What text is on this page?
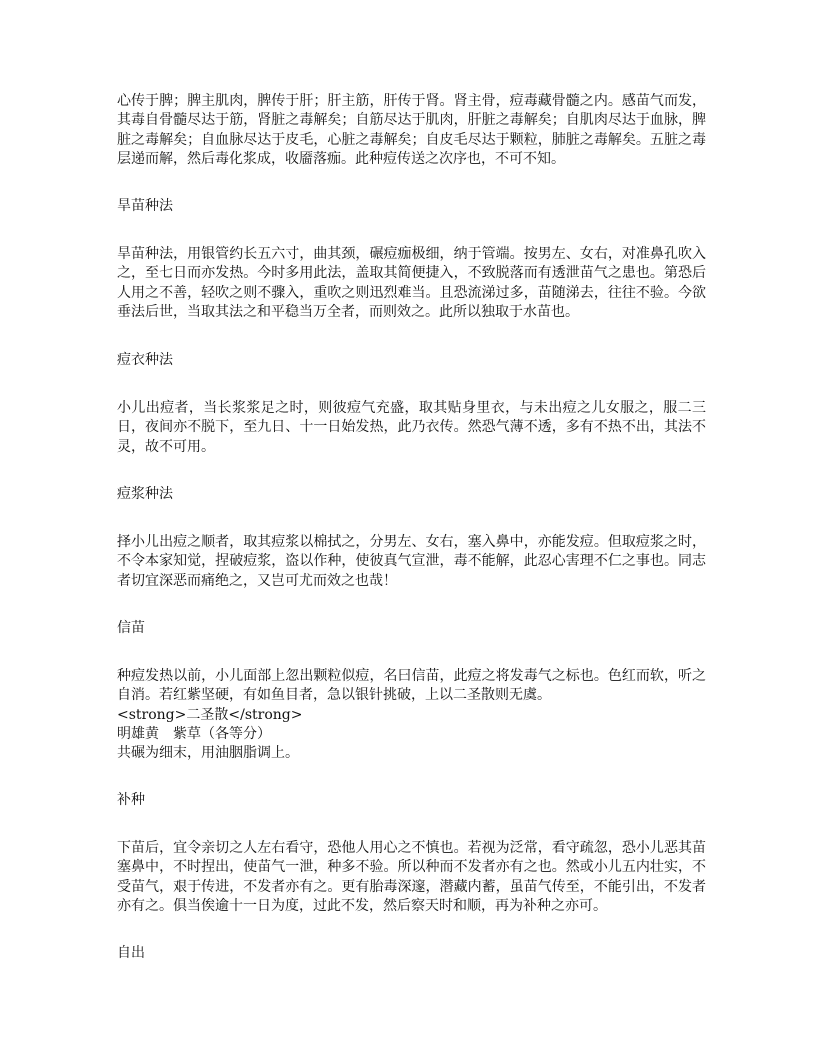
心传于脾；脾主肌肉，脾传于肝；肝主筋，肝传于肾。肾主骨，痘毒藏骨髓之内。感苗气而发，其毒自骨髓尽达于筋，肾脏之毒解矣；自筋尽达于肌肉，肝脏之毒解矣；自肌肉尽达于血脉，脾脏之毒解矣；自血脉尽达于皮毛，心脏之毒解矣；自皮毛尽达于颗粒，肺脏之毒解矣。五脏之毒层递而解，然后毒化浆成，收靥落痂。此种痘传送之次序也，不可不知。

旱苗种法

旱苗种法，用银管约长五六寸，曲其颈，碾痘痂极细，纳于管端。按男左、女右，对准鼻孔吹入之，至七日而亦发热。今时多用此法，盖取其简便捷入，不致脱落而有透泄苗气之患也。第恐后人用之不善，轻吹之则不骤入，重吹之则迅烈难当。且恐流涕过多，苗随涕去，往往不验。今欲垂法后世，当取其法之和平稳当万全者，而则效之。此所以独取于水苗也。

痘衣种法

小儿出痘者，当长浆浆足之时，则彼痘气充盛，取其贴身里衣，与未出痘之儿女服之，服二三日，夜间亦不脱下，至九日、十一日始发热，此乃衣传。然恐气薄不透，多有不热不出，其法不灵，故不可用。

痘浆种法

择小儿出痘之顺者，取其痘浆以棉拭之，分男左、女右，塞入鼻中，亦能发痘。但取痘浆之时，不令本家知觉，捏破痘浆，盗以作种，使彼真气宣泄，毒不能解，此忍心害理不仁之事也。同志者切宜深恶而痛绝之，又岂可尤而效之也哉！

信苗

种痘发热以前，小儿面部上忽出颗粒似痘，名曰信苗，此痘之将发毒气之标也。色红而软，听之自消。若红紫坚硬，有如鱼目者，急以银针挑破，上以二圣散则无虞。

<strong>二圣散</strong>
明雄黄　紫草（各等分）
共碾为细末，用油胭脂调上。
补种

下苗后，宜令亲切之人左右看守，恐他人用心之不慎也。若视为泛常，看守疏忽，恐小儿恶其苗塞鼻中，不时捏出，使苗气一泄，种多不验。所以种而不发者亦有之也。然或小儿五内壮实，不受苗气，艰于传进，不发者亦有之。更有胎毒深邃，潜藏内蓄，虽苗气传至，不能引出，不发者亦有之。俱当俟逾十一日为度，过此不发，然后察天时和顺，再为补种之亦可。

自出
